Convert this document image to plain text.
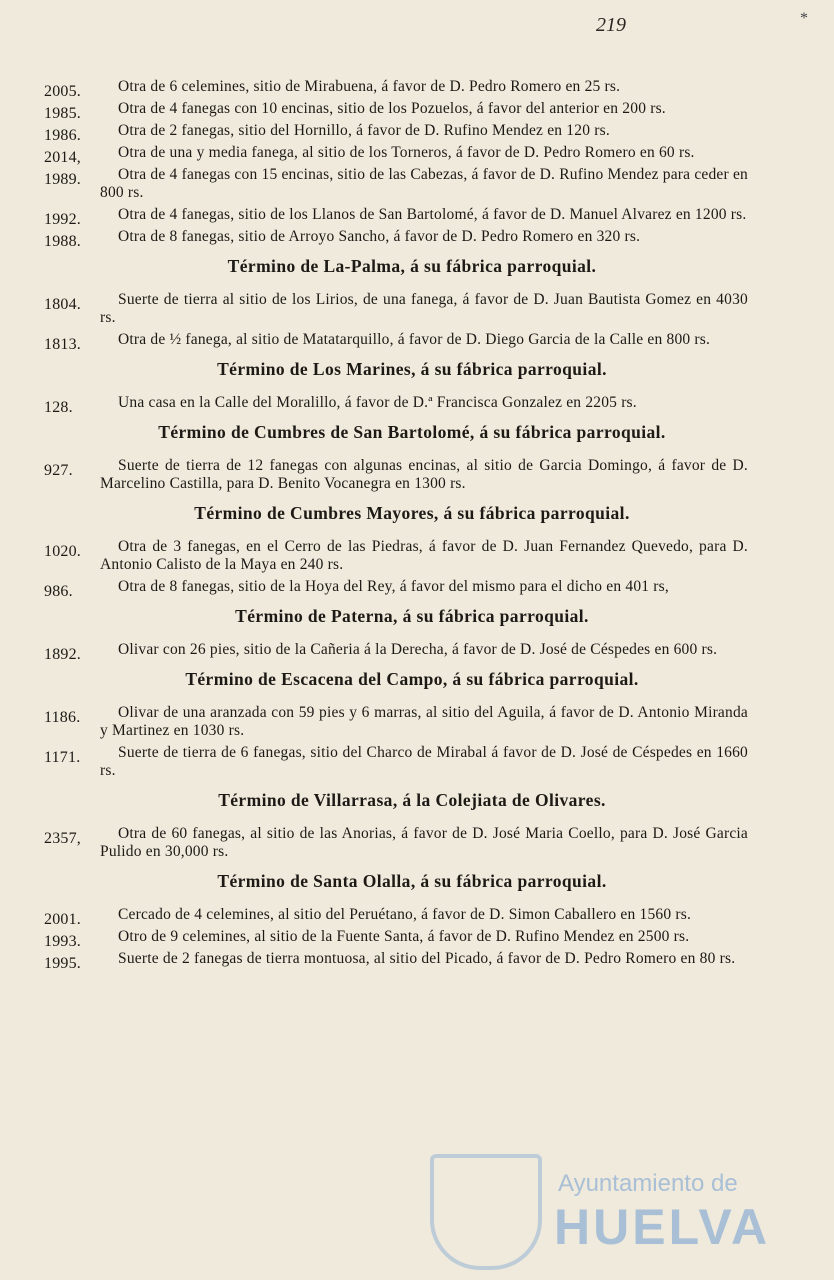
219	*
2005.	Otra de 6 celemines, sitio de Mirabuena, á favor de D. Pedro Romero en 25 rs.
1985.	Otra de 4 fanegas con 10 encinas, sitio de los Pozuelos, á favor del anterior en 200 rs.
1986.	Otra de 2 fanegas, sitio del Hornillo, á favor de D. Rufino Mendez en 120 rs.
2014,	Otra de una y media fanega, al sitio de los Torneros, á favor de D. Pedro Romero en 60 rs.
1989.	Otra de 4 fanegas con 15 encinas, sitio de las Cabezas, á favor de D. Rufino Mendez para ceder en 800 rs.
1992.	Otra de 4 fanegas, sitio de los Llanos de San Bartolomé, á favor de D. Manuel Alvarez en 1200 rs.
1988.	Otra de 8 fanegas, sitio de Arroyo Sancho, á favor de D. Pedro Romero en 320 rs.
Término de La-Palma, á su fábrica parroquial.
1804.	Suerte de tierra al sitio de los Lirios, de una fanega, á favor de D. Juan Bautista Gomez en 4030 rs.
1813.	Otra de ½ fanega, al sitio de Matatarquillo, á favor de D. Diego Garcia de la Calle en 800 rs.
Término de Los Marines, á su fábrica parroquial.
128.	Una casa en la Calle del Moralillo, á favor de D.ª Francisca Gonzalez en 2205 rs.
Término de Cumbres de San Bartolomé, á su fábrica parroquial.
927.	Suerte de tierra de 12 fanegas con algunas encinas, al sitio de Garcia Domingo, á favor de D. Marcelino Castilla, para D. Benito Vocanegra en 1300 rs.
Término de Cumbres Mayores, á su fábrica parroquial.
1020.	Otra de 3 fanegas, en el Cerro de las Piedras, á favor de D. Juan Fernandez Quevedo, para D. Antonio Calisto de la Maya en 240 rs.
986.	Otra de 8 fanegas, sitio de la Hoya del Rey, á favor del mismo para el dicho en 401 rs,
Término de Paterna, á su fábrica parroquial.
1892.	Olivar con 26 pies, sitio de la Cañeria á la Derecha, á favor de D. José de Céspedes en 600 rs.
Término de Escacena del Campo, á su fábrica parroquial.
1186.	Olivar de una aranzada con 59 pies y 6 marras, al sitio del Aguila, á favor de D. Antonio Miranda y Martinez en 1030 rs.
1171.	Suerte de tierra de 6 fanegas, sitio del Charco de Mirabal á favor de D. José de Céspedes en 1660 rs.
Término de Villarrasa, á la Colejiata de Olivares.
2357,	Otra de 60 fanegas, al sitio de las Anorias, á favor de D. José Maria Coello, para D. José Garcia Pulido en 30,000 rs.
Término de Santa Olalla, á su fábrica parroquial.
2001.	Cercado de 4 celemines, al sitio del Peruétano, á favor de D. Simon Caballero en 1560 rs.
1993.	Otro de 9 celemines, al sitio de la Fuente Santa, á favor de D. Rufino Mendez en 2500 rs.
1995.	Suerte de 2 fanegas de tierra montuosa, al sitio del Picado, á favor de D. Pedro Romero en 80 rs.
Ayuntamiento de
HUELVA
